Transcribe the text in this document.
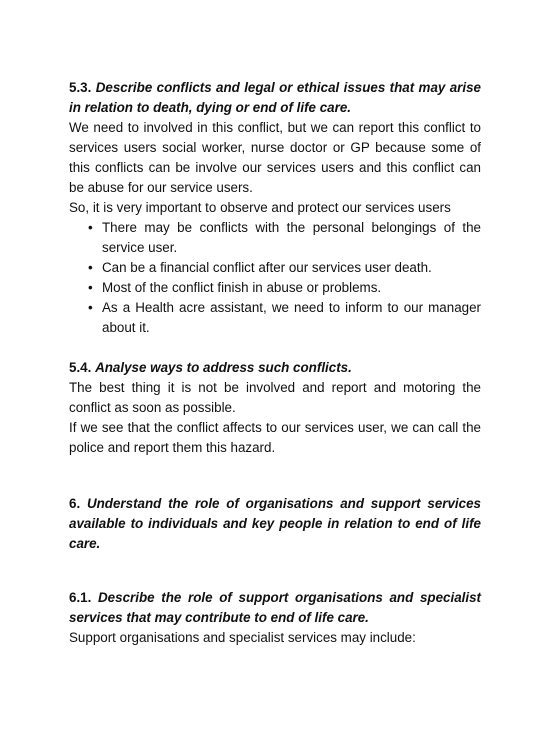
5.3. Describe conflicts and legal or ethical issues that may arise in relation to death, dying or end of life care.

We need to involved in this conflict, but we can report this conflict to services users social worker, nurse doctor or GP because some of this conflicts can be involve our services users and this conflict can be abuse for our service users.

So, it is very important to observe and protect our services users

• There may be conflicts with the personal belongings of the service user.
• Can be a financial conflict after our services user death.
• Most of the conflict finish in abuse or problems.
• As a Health acre assistant, we need to inform to our manager about it.

5.4. Analyse ways to address such conflicts.

The best thing it is not be involved and report and motoring the conflict as soon as possible.

If we see that the conflict affects to our services user, we can call the police and report them this hazard.

6. Understand the role of organisations and support services available to individuals and key people in relation to end of life care.

6.1. Describe the role of support organisations and specialist services that may contribute to end of life care.

Support organisations and specialist services may include:
